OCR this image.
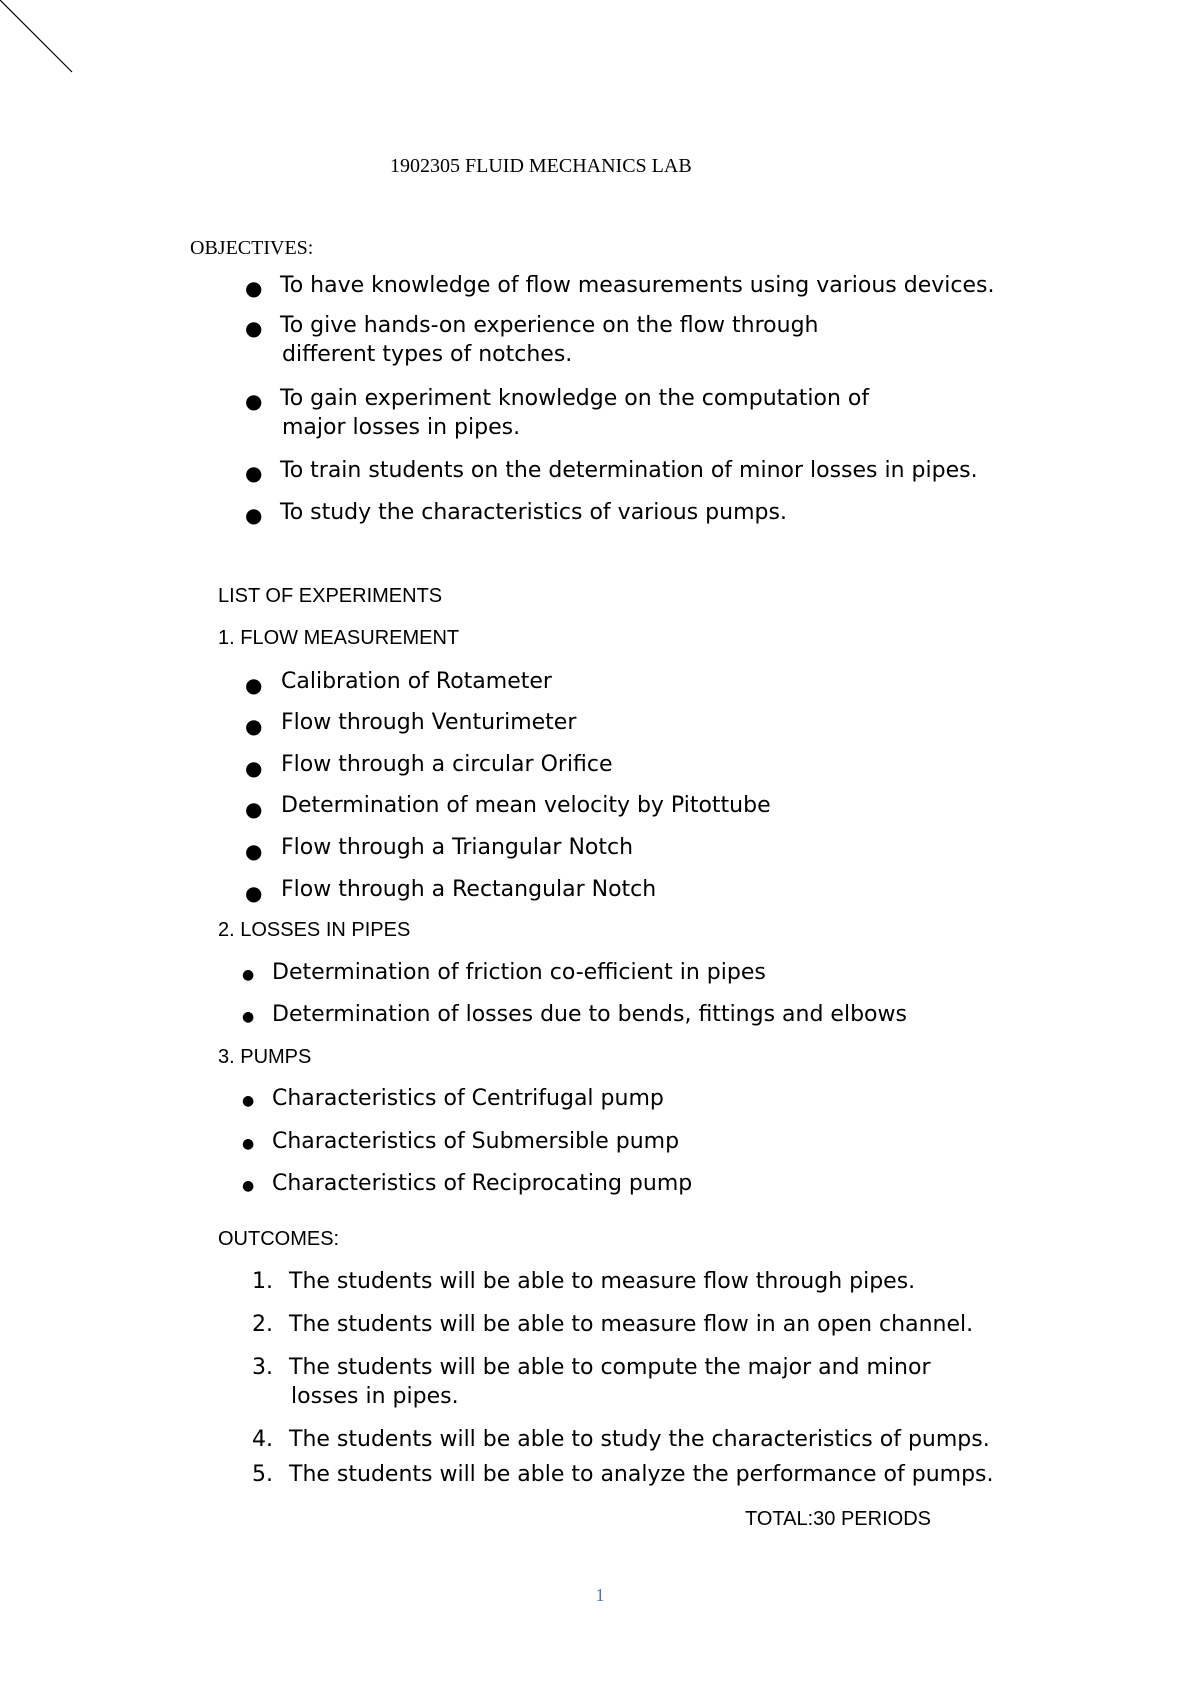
1902305 FLUID MECHANICS LAB
OBJECTIVES:
● To have knowledge of flow measurements using various devices.
● To give hands-on experience on the flow through
different types of notches.
● To gain experiment knowledge on the computation of
major losses in pipes.
● To train students on the determination of minor losses in pipes.
● To study the characteristics of various pumps.
LIST OF EXPERIMENTS
1. FLOW MEASUREMENT
● Calibration of Rotameter
● Flow through Venturimeter
● Flow through a circular Orifice
● Determination of mean velocity by Pitottube
● Flow through a Triangular Notch
● Flow through a Rectangular Notch
2. LOSSES IN PIPES
● Determination of friction co-efficient in pipes
● Determination of losses due to bends, fittings and elbows
3. PUMPS
● Characteristics of Centrifugal pump
● Characteristics of Submersible pump
● Characteristics of Reciprocating pump
OUTCOMES:
1. The students will be able to measure flow through pipes.
2. The students will be able to measure flow in an open channel.
3. The students will be able to compute the major and minor
losses in pipes.
4. The students will be able to study the characteristics of pumps.
5. The students will be able to analyze the performance of pumps.
TOTAL:30 PERIODS
1
